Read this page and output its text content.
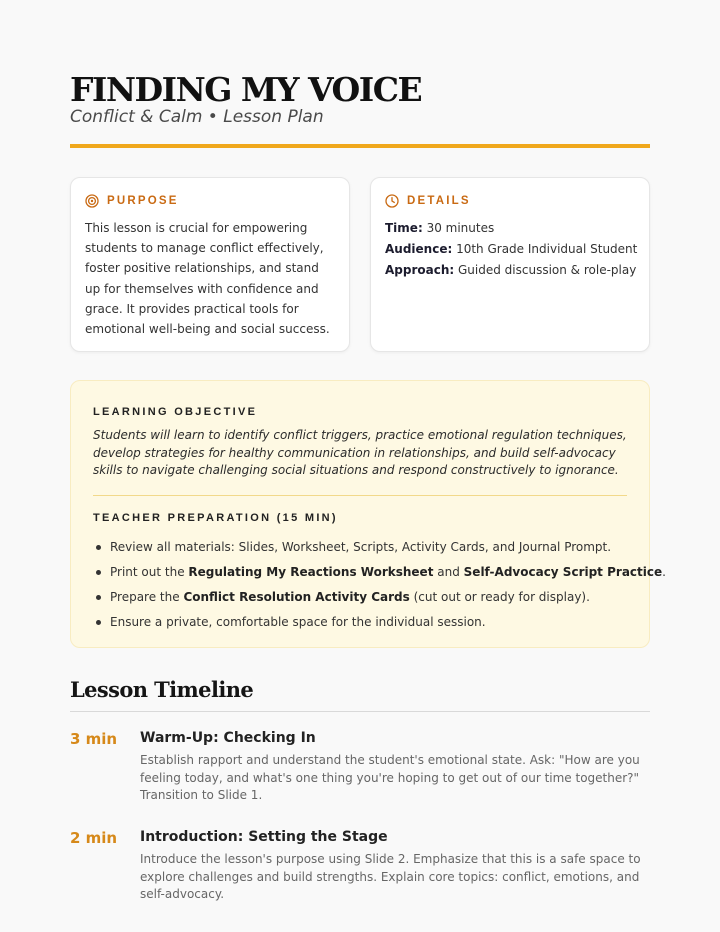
FINDING MY VOICE

Conflict & Calm • Lesson Plan

PURPOSE

This lesson is crucial for empowering students to manage conflict effectively, foster positive relationships, and stand up for themselves with confidence and grace. It provides practical tools for emotional well-being and social success.

DETAILS

Time: 30 minutes

Audience: 10th Grade Individual Student

Approach: Guided discussion & role-play

LEARNING OBJECTIVE

Students will learn to identify conflict triggers, practice emotional regulation techniques, develop strategies for healthy communication in relationships, and build self-advocacy skills to navigate challenging social situations and respond constructively to ignorance.

TEACHER PREPARATION (15 MIN)

Review all materials: Slides, Worksheet, Scripts, Activity Cards, and Journal Prompt.
Print out the Regulating My Reactions Worksheet and Self-Advocacy Script Practice.
Prepare the Conflict Resolution Activity Cards (cut out or ready for display).
Ensure a private, comfortable space for the individual session.
Lesson Timeline
3 min Warm-Up: Checking In

Establish rapport and understand the student's emotional state. Ask: "How are you feeling today, and what's one thing you're hoping to get out of our time together?" Transition to Slide 1.

2 min Introduction: Setting the Stage

Introduce the lesson's purpose using Slide 2. Emphasize that this is a safe space to explore challenges and build strengths. Explain core topics: conflict, emotions, and self-advocacy.
